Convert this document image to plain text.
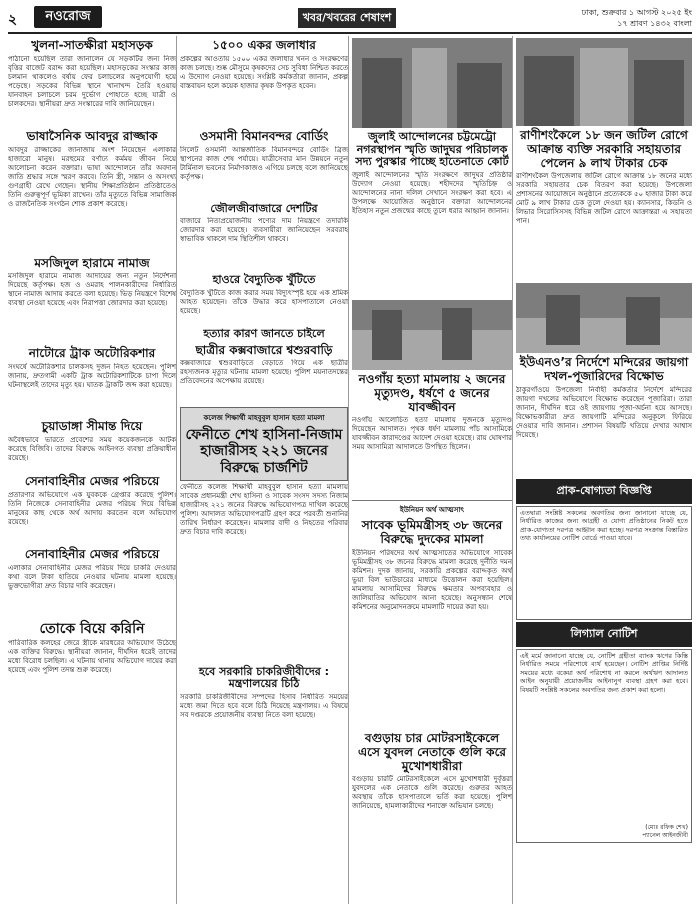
২	নওরোজ	খবর/খবরের শেষাংশ	ঢাকা, শুক্রবার ১ আগস্ট ২০২৫ ইং
১৭ শ্রাবণ ১৪৩২ বাংলা
খুলনা-সাতক্ষীরা মহাসড়ক

পাঠানো হয়েছিল তারা জানালেন যে সড়কটির জন্য নিজ বৃত্তির বাজেট বরাদ্দ করা হয়েছিল। মহাসড়কের সংস্কার কাজ চলমান থাকলেও বর্ষায় ফের চলাচলের অনুপযোগী হয়ে পড়েছে। সড়কের বিভিন্ন স্থানে খানাখন্দ তৈরি হওয়ায় যানবাহন চলাচলে চরম দুর্ভোগ পোহাতে হচ্ছে যাত্রী ও চালকদের। স্থানীয়রা দ্রুত সংস্কারের দাবি জানিয়েছেন।

ভাষাসৈনিক আবদুর রাজ্জাক

আবদুর রাজ্জাকের জানাজায় অংশ নিয়েছেন এলাকার হাজারো মানুষ। মরহুমের বর্ণাঢ্য কর্মময় জীবন নিয়ে আলোচনা করেন বক্তারা। ভাষা আন্দোলনে তাঁর অবদান জাতি শ্রদ্ধার সঙ্গে স্মরণ করবে। তিনি স্ত্রী, সন্তান ও অসংখ্য গুণগ্রাহী রেখে গেছেন। স্থানীয় শিক্ষাপ্রতিষ্ঠান প্রতিষ্ঠাতেও তিনি গুরুত্বপূর্ণ ভূমিকা রাখেন। তাঁর মৃত্যুতে বিভিন্ন সামাজিক ও রাজনৈতিক সংগঠন শোক প্রকাশ করেছে।

মসজিদুল হারামে নামাজ

মসজিদুল হারামে নামাজ আদায়ের জন্য নতুন নির্দেশনা দিয়েছে কর্তৃপক্ষ। হজ ও ওমরাহ পালনকারীদের নির্ধারিত স্থানে নামাজ আদায় করতে বলা হয়েছে। ভিড় নিয়ন্ত্রণে বিশেষ ব্যবস্থা নেওয়া হয়েছে এবং নিরাপত্তা জোরদার করা হয়েছে।

নাটোরে ট্রাক অটোরিকশার

সংঘর্ষে অটোরিকশার চালকসহ দুজন নিহত হয়েছেন। পুলিশ জানায়, দ্রুতগামী একটি ট্রাক অটোরিকশাটিকে চাপা দিলে ঘটনাস্থলেই তাদের মৃত্যু হয়। ঘাতক ট্রাকটি জব্দ করা হয়েছে।

চুয়াডাঙ্গা সীমান্ত দিয়ে

অবৈধভাবে ভারতে প্রবেশের সময় কয়েকজনকে আটক করেছে বিজিবি। তাদের বিরুদ্ধে আইনগত ব্যবস্থা প্রক্রিয়াধীন রয়েছে।

সেনাবাহিনীর মেজর পরিচয়ে

প্রতারণার অভিযোগে এক যুবককে গ্রেপ্তার করেছে পুলিশ। তিনি নিজেকে সেনাবাহিনীর মেজর পরিচয় দিয়ে বিভিন্ন মানুষের কাছ থেকে অর্থ আদায় করতেন বলে অভিযোগ রয়েছে।

সেনাবাহিনীর মেজর পরিচয়ে

এলাকার সেনাবাহিনীর মেজর পরিচয় দিয়ে চাকরি দেওয়ার কথা বলে টাকা হাতিয়ে নেওয়ার ঘটনায় মামলা হয়েছে। ভুক্তভোগীরা দ্রুত বিচার দাবি করেছেন।

তোকে বিয়ে করিনি

পারিবারিক কলহের জেরে স্ত্রীকে মারধরের অভিযোগ উঠেছে এক ব্যক্তির বিরুদ্ধে। স্থানীয়রা জানান, দীর্ঘদিন ধরেই তাদের মধ্যে বিরোধ চলছিল। এ ঘটনায় থানায় অভিযোগ দায়ের করা হয়েছে এবং পুলিশ তদন্ত শুরু করেছে।

১৫০০ একর জলাধার

প্রকল্পের আওতায় ১৫০০ একর জলাধার খনন ও সংরক্ষণের কাজ চলছে। শুষ্ক মৌসুমে কৃষকদের সেচ সুবিধা নিশ্চিত করতে এ উদ্যোগ নেওয়া হয়েছে। সংশ্লিষ্ট কর্মকর্তারা জানান, প্রকল্প বাস্তবায়ন হলে কয়েক হাজার কৃষক উপকৃত হবেন।

ওসমানী বিমানবন্দর বোর্ডিং

সিলেট ওসমানী আন্তর্জাতিক বিমানবন্দরে বোর্ডিং ব্রিজ স্থাপনের কাজ শেষ পর্যায়ে। যাত্রীসেবার মান উন্নয়নে নতুন টার্মিনাল ভবনের নির্মাণকাজও এগিয়ে চলছে বলে জানিয়েছে কর্তৃপক্ষ।

জৌলজীবাজারে দেশটির

বাজারে নিত্যপ্রয়োজনীয় পণ্যের দাম নিয়ন্ত্রণে তদারকি জোরদার করা হয়েছে। ব্যবসায়ীরা জানিয়েছেন সরবরাহ স্বাভাবিক থাকলে দাম স্থিতিশীল থাকবে।

হাওরে বৈদ্যুতিক খুঁটিতে

বৈদ্যুতিক খুঁটিতে কাজ করার সময় বিদ্যুৎস্পৃষ্ট হয়ে এক শ্রমিক আহত হয়েছেন। তাঁকে উদ্ধার করে হাসপাতালে নেওয়া হয়েছে।

হত্যার কারণ জানতে চাইলে
ছাত্রীর কক্সবাজারে শ্বশুরবাড়ি

কক্সবাজারে শ্বশুরবাড়িতে বেড়াতে গিয়ে এক ছাত্রীর রহস্যজনক মৃত্যুর ঘটনায় মামলা হয়েছে। পুলিশ ময়নাতদন্তের প্রতিবেদনের অপেক্ষায় রয়েছে।

কলেজ শিক্ষার্থী মাহবুবুল হাসান হত্যা মামলা
ফেনীতে শেখ হাসিনা-নিজাম হাজারীসহ ২২১ জনের বিরুদ্ধে চার্জশিট

ফেনীতে কলেজ শিক্ষার্থী মাহবুবুল হাসান হত্যা মামলায় সাবেক প্রধানমন্ত্রী শেখ হাসিনা ও সাবেক সংসদ সদস্য নিজাম হাজারীসহ ২২১ জনের বিরুদ্ধে অভিযোগপত্র দাখিল করেছে পুলিশ। আদালত অভিযোগপত্রটি গ্রহণ করে পরবর্তী শুনানির তারিখ নির্ধারণ করেছেন। মামলার বাদী ও নিহতের পরিবার দ্রুত বিচার দাবি করেছে।

হবে সরকারি চাকরিজীবীদের : মন্ত্রণালয়ের চিঠি

সরকারি চাকরিজীবীদের সম্পদের হিসাব নির্ধারিত সময়ের মধ্যে জমা দিতে হবে বলে চিঠি দিয়েছে মন্ত্রণালয়। এ বিষয়ে সব দপ্তরকে প্রয়োজনীয় ব্যবস্থা নিতে বলা হয়েছে।

জুলাই আন্দোলনের চট্টমেট্রো নগরস্থাপন স্মৃতি জাদুঘর পরিচালক সদ্য পুরস্কার পাচ্ছে হাতেনাতে কোর্ট

জুলাই আন্দোলনের স্মৃতি সংরক্ষণে জাদুঘর প্রতিষ্ঠার উদ্যোগ নেওয়া হয়েছে। শহীদদের স্মৃতিচিহ্ন ও আন্দোলনের নানা দলিল সেখানে সংরক্ষণ করা হবে। এ উপলক্ষে আয়োজিত অনুষ্ঠানে বক্তারা আন্দোলনের ইতিহাস নতুন প্রজন্মের কাছে তুলে ধরার আহ্বান জানান।

নওগাঁয় হত্যা মামলায় ২ জনের মৃত্যুদণ্ড, ধর্ষণে ৫ জনের যাবজ্জীবন

নওগাঁয় আলোচিত হত্যা মামলায় দুজনকে মৃত্যুদণ্ড দিয়েছেন আদালত। পৃথক ধর্ষণ মামলায় পাঁচ আসামিকে যাবজ্জীবন কারাদণ্ডের আদেশ দেওয়া হয়েছে। রায় ঘোষণার সময় আসামিরা আদালতে উপস্থিত ছিলেন।

ইউনিয়ন অর্থ আত্মসাৎ
সাবেক ভূমিমন্ত্রীসহ ৩৮ জনের বিরুদ্ধে দুদকের মামলা

ইউনিয়ন পরিষদের অর্থ আত্মসাতের অভিযোগে সাবেক ভূমিমন্ত্রীসহ ৩৮ জনের বিরুদ্ধে মামলা করেছে দুর্নীতি দমন কমিশন। দুদক জানায়, সরকারি প্রকল্পের বরাদ্দকৃত অর্থ ভুয়া বিল ভাউচারের মাধ্যমে উত্তোলন করা হয়েছিল। মামলায় আসামিদের বিরুদ্ধে ক্ষমতার অপব্যবহার ও জালিয়াতির অভিযোগ আনা হয়েছে। অনুসন্ধান শেষে কমিশনের অনুমোদনক্রমে মামলাটি দায়ের করা হয়।

বগুড়ায় চার মোটরসাইকেলে এসে যুবদল নেতাকে গুলি করে মুখোশধারীরা

বগুড়ায় চারটি মোটরসাইকেলে এসে মুখোশধারী দুর্বৃত্তরা যুবদলের এক নেতাকে গুলি করেছে। গুরুতর আহত অবস্থায় তাঁকে হাসপাতালে ভর্তি করা হয়েছে। পুলিশ জানিয়েছে, হামলাকারীদের শনাক্তে অভিযান চলছে।

রাণীশংকৈলে ১৮ জন জটিল রোগে আক্রান্ত ব্যক্তি সরকারি সহায়তার পেলেন ৯ লাখ টাকার চেক

রাণীশংকৈল উপজেলায় জটিল রোগে আক্রান্ত ১৮ জনের মধ্যে সরকারি সহায়তার চেক বিতরণ করা হয়েছে। উপজেলা প্রশাসনের আয়োজনে অনুষ্ঠানে প্রত্যেককে ৫০ হাজার টাকা করে মোট ৯ লাখ টাকার চেক তুলে দেওয়া হয়। ক্যানসার, কিডনি ও লিভার সিরোসিসসহ বিভিন্ন জটিল রোগে আক্রান্তরা এ সহায়তা পান।

ইউএনও’র নির্দেশে মন্দিরের জায়গা দখল-পূজারিদের বিক্ষোভ

ঠাকুরগাঁওয়ে উপজেলা নির্বাহী কর্মকর্তার নির্দেশে মন্দিরের জায়গা দখলের অভিযোগে বিক্ষোভ করেছেন পূজারিরা। তারা জানান, দীর্ঘদিন ধরে ওই জায়গায় পূজা-অর্চনা হয়ে আসছে। বিক্ষোভকারীরা দ্রুত জায়গাটি মন্দিরের অনুকূলে ফিরিয়ে দেওয়ার দাবি জানান। প্রশাসন বিষয়টি খতিয়ে দেখার আশ্বাস দিয়েছে।

প্রাক-ষোগ্যতা বিজ্ঞপ্তি

এতদ্বারা সংশ্লিষ্ট সকলের অবগতির জন্য জানানো যাচ্ছে যে, নির্ধারিত কাজের জন্য আগ্রহী ও যোগ্য প্রতিষ্ঠানের নিকট হতে প্রাক-যোগ্যতা দরপত্র আহ্বান করা হচ্ছে। দরপত্র সংক্রান্ত বিস্তারিত তথ্য কার্যালয়ের নোটিশ বোর্ডে পাওয়া যাবে।

লিগ্যাল নোটিশ

এই মর্মে জানানো যাচ্ছে যে, নোটিশ গ্রহীতা ব্যাংক ঋণের কিস্তি নির্ধারিত সময়ে পরিশোধে ব্যর্থ হয়েছেন। নোটিশ প্রাপ্তির নির্দিষ্ট সময়ের মধ্যে বকেয়া অর্থ পরিশোধ না করলে অর্থঋণ আদালত আইন অনুযায়ী প্রয়োজনীয় আইনানুগ ব্যবস্থা গ্রহণ করা হবে। বিষয়টি সংশ্লিষ্ট সকলের অবগতির জন্য প্রকাশ করা হলো।

(মোঃ রফিক শেখ)
প্যানেল আইনজীবী
